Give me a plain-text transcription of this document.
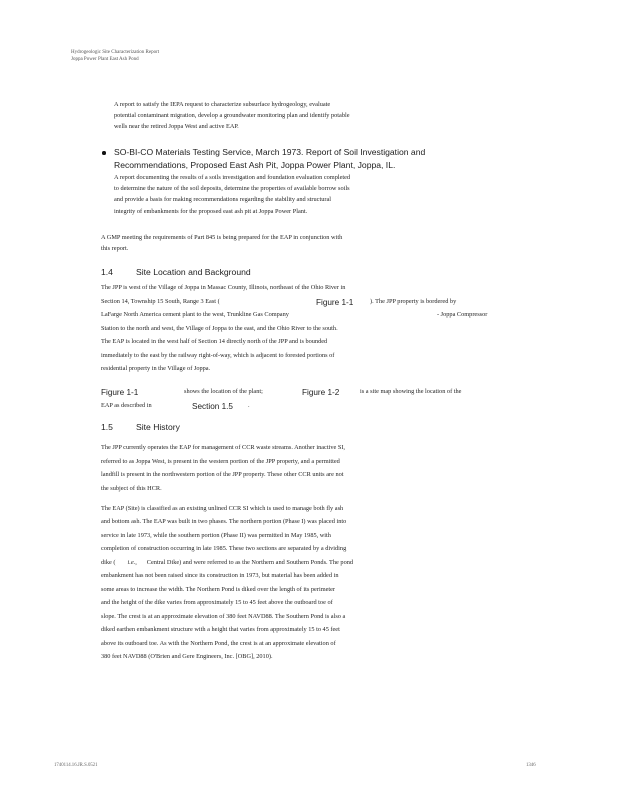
Hydrogeologic Site Characterization Report
Joppa Power Plant East Ash Pond
A report to satisfy the IEPA request to characterize subsurface hydrogeology, evaluate
potential contaminant migration, develop a groundwater monitoring plan and identify potable
wells near the retired Joppa West and active EAP.
SO-BI-CO Materials Testing Service, March 1973. Report of Soil Investigation and
Recommendations, Proposed East Ash Pit, Joppa Power Plant, Joppa, IL.
A report documenting the results of a soils investigation and foundation evaluation completed
to determine the nature of the soil deposits, determine the properties of available borrow soils
and provide a basis for making recommendations regarding the stability and structural
integrity of embankments for the proposed east ash pit at Joppa Power Plant.
A GMP meeting the requirements of Part 845 is being prepared for the EAP in conjunction with
this report.
1.4	Site Location and Background
The JPP is west of the Village of Joppa in Massac County, Illinois, northeast of the Ohio River in
Section 14, Township 15 South, Range 3 East (	Figure 1-1	). The JPP property is bordered by
LaFarge North America cement plant to the west, Trunkline Gas Company	- Joppa Compressor
Station to the north and west, the Village of Joppa to the east, and the Ohio River to the south.
The EAP is located in the west half of Section 14 directly north of the JPP and is bounded
immediately to the east by the railway right-of-way, which is adjacent to forested portions of
residential property in the Village of Joppa.
Figure 1-1	shows the location of the plant;	Figure 1-2	is a site map showing the location of the
EAP as described in	Section 1.5 .
1.5	Site History
The JPP currently operates the EAP for management of CCR waste streams. Another inactive SI,
referred to as Joppa West, is present in the western portion of the JPP property, and a permitted
landfill is present in the northwestern portion of the JPP property. These other CCR units are not
the subject of this HCR.
The EAP (Site) is classified as an existing unlined CCR SI which is used to manage both fly ash
and bottom ash. The EAP was built in two phases. The northern portion (Phase I) was placed into
service in late 1973, while the southern portion (Phase II) was permitted in May 1985, with
completion of construction occurring in late 1985. These two sections are separated by a dividing
dike ( i.e., Central Dike) and were referred to as the Northern and Southern Ponds. The pond
embankment has not been raised since its construction in 1973, but material has been added in
some areas to increase the width. The Northern Pond is diked over the length of its perimeter
and the height of the dike varies from approximately 15 to 45 feet above the outboard toe of
slope. The crest is at an approximate elevation of 380 feet NAVD88. The Southern Pond is also a
diked earthen embankment structure with a height that varies from approximately 15 to 45 feet
above its outboard toe. As with the Northern Pond, the crest is at an approximate elevation of
380 feet NAVD88 (O'Brien and Gere Engineers, Inc. [OBG], 2010).
1740114.16.JR.S.0521	1346
